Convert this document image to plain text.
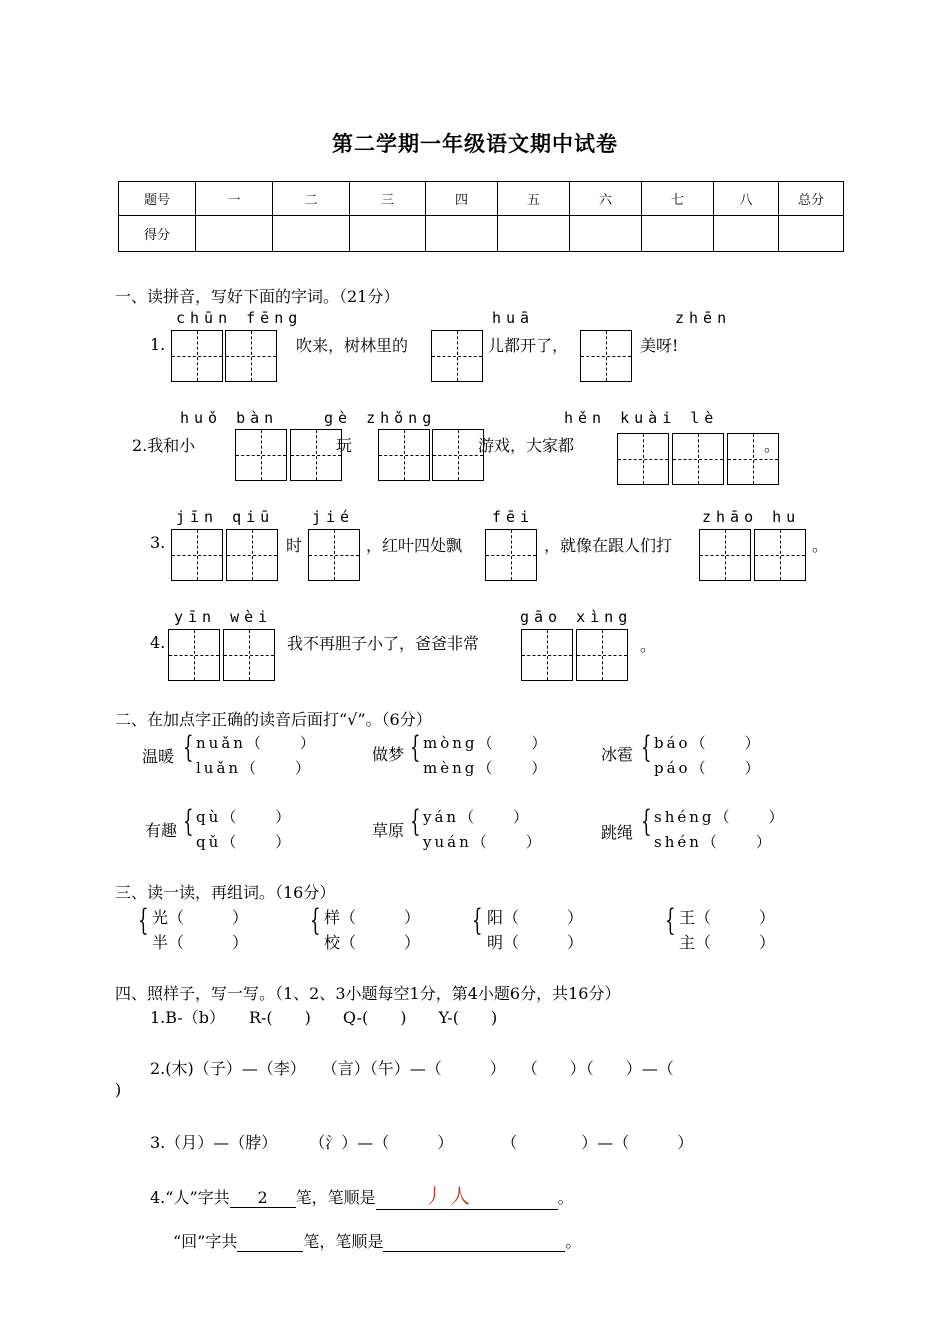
第二学期一年级语文期中试卷
题号	一	二	三	四	五	六	七	八	总分
得分									
一、读拼音，写好下面的字词。（21分）
chūn fēng	huā	zhēn
1.	吹来，树林里的	儿都开了，	美呀!
huǒ bàn	gè zhǒng	hěn kuài lè
2.我和小	玩	游戏，大家都	。
jīn qiū	jié	fēi	zhāo hu
3.	时	，红叶四处飘	，就像在跟人们打	。
yīn wèi	gāo xìng
4.	我不再胆子小了，爸爸非常	。
二、在加点字正确的读音后面打“√”。（6分）
温暖 { nuǎn（　　）
luǎn（　　）
做梦 { mòng（　　）
mèng（　　）
冰雹 { báo（　　）
páo（　　）
有趣 { qù（　　）
qǔ（　　）
草原 { yán（　　）
yuán（　　）	跳绳 { shéng（　　）
shén（　　）
三、读一读，再组词。（16分）
{ 光（　　　）
半（　　　）
{ 样（　　　）
校（　　　）
{ 阳（　　　）
明（　　　）
{ 王（　　　）
主（　　　）
四、照样子，写一写。（1、2、3小题每空1分，第4小题6分，共16分）
1.B-（b）　　R-(　　)　　Q-(　　)　　Y-(　　)
2.(木)（子）—（李）　　（言）（午）—（　　　）　　（　　）（　　）—（
)
3.（月）—（脖）　　　（氵）—（　　　）　　　　（　　　　）—（　　　）
4.“人”字共 2 笔，笔顺是 丿 人	。
“回”字共	笔，笔顺是	。
